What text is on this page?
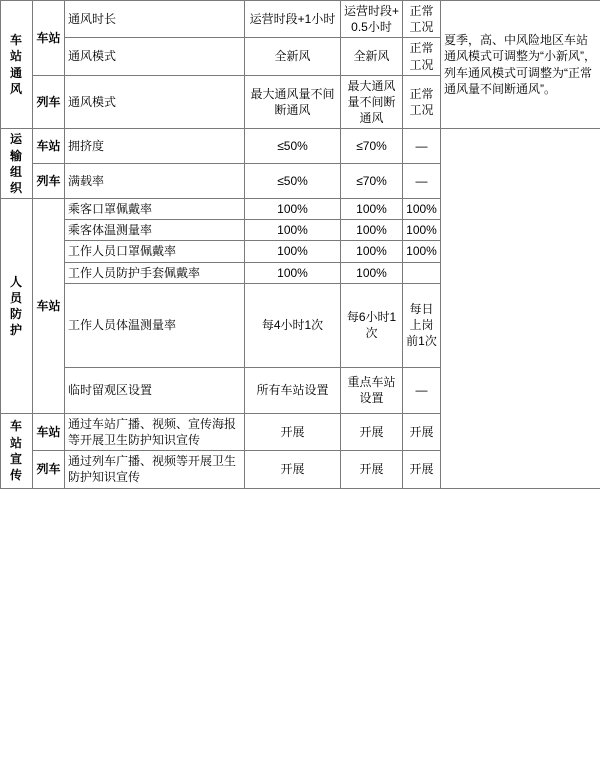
车站通风	车站	通风时长	运营时段+1小时	运营时段+0.5小时	正常工况	夏季，高、中风险地区车站通风模式可调整为“小新风”，列车通风模式可调整为“正常通风量不间断通风”。
		通风模式	全新风	全新风	正常工况	
	列车	通风模式	最大通风量不间断通风	最大通风量不间断通风	正常工况	
运输组织	车站	拥挤度	≤50%	≤70%	—	
	列车	满载率	≤50%	≤70%	—	
人员防护	车站	乘客口罩佩戴率	100%	100%	100%	
		乘客体温测量率	100%	100%	100%	
		工作人员口罩佩戴率	100%	100%	100%	
		工作人员防护手套佩戴率	100%	100%		
		工作人员体温测量率	每4小时1次	每6小时1次	每日上岗前1次	
		临时留观区设置	所有车站设置	重点车站设置	—	
车站宣传	车站	通过车站广播、视频、宣传海报等开展卫生防护知识宣传	开展	开展	开展	
	列车	通过列车广播、视频等开展卫生防护知识宣传	开展	开展	开展	
